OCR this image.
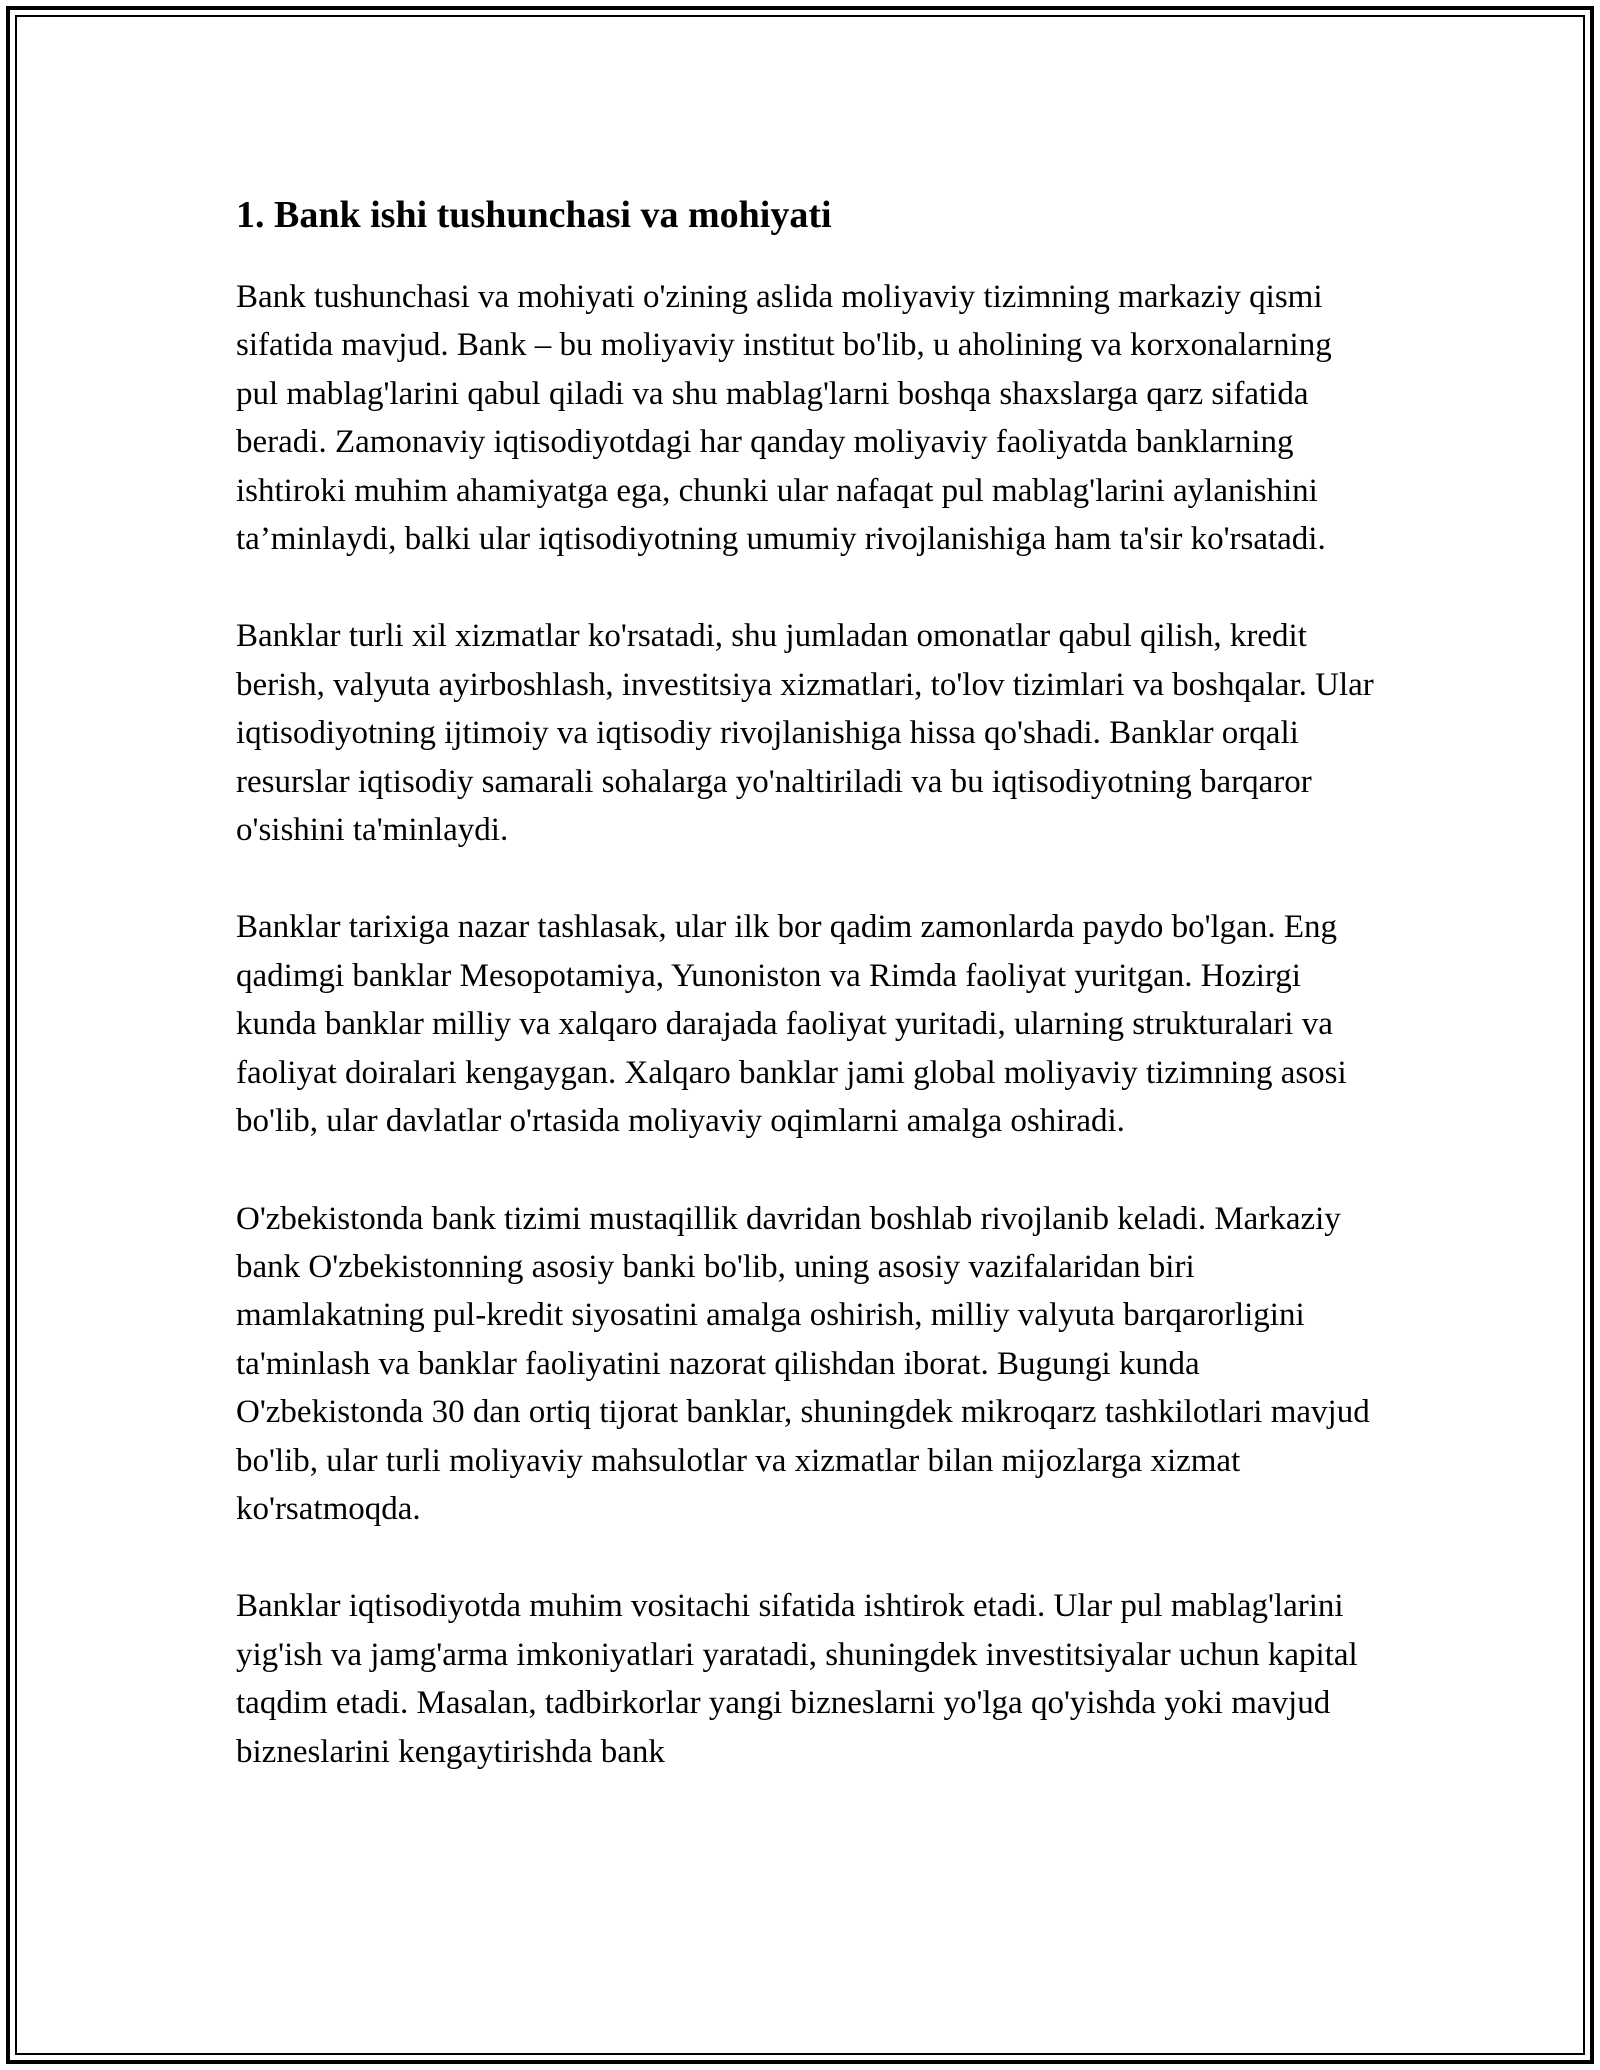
1. Bank ishi tushunchasi va mohiyati

Bank tushunchasi va mohiyati o'zining aslida moliyaviy tizimning markaziy qismi sifatida mavjud. Bank – bu moliyaviy institut bo'lib, u aholining va korxonalarning pul mablag'larini qabul qiladi va shu mablag'larni boshqa shaxslarga qarz sifatida beradi. Zamonaviy iqtisodiyotdagi har qanday moliyaviy faoliyatda banklarning ishtiroki muhim ahamiyatga ega, chunki ular nafaqat pul mablag'larini aylanishini ta’minlaydi, balki ular iqtisodiyotning umumiy rivojlanishiga ham ta'sir ko'rsatadi.

Banklar turli xil xizmatlar ko'rsatadi, shu jumladan omonatlar qabul qilish, kredit berish, valyuta ayirboshlash, investitsiya xizmatlari, to'lov tizimlari va boshqalar. Ular iqtisodiyotning ijtimoiy va iqtisodiy rivojlanishiga hissa qo'shadi. Banklar orqali resurslar iqtisodiy samarali sohalarga yo'naltiriladi va bu iqtisodiyotning barqaror o'sishini ta'minlaydi.

Banklar tarixiga nazar tashlasak, ular ilk bor qadim zamonlarda paydo bo'lgan. Eng qadimgi banklar Mesopotamiya, Yunoniston va Rimda faoliyat yuritgan. Hozirgi kunda banklar milliy va xalqaro darajada faoliyat yuritadi, ularning strukturalari va faoliyat doiralari kengaygan. Xalqaro banklar jami global moliyaviy tizimning asosi bo'lib, ular davlatlar o'rtasida moliyaviy oqimlarni amalga oshiradi.

O'zbekistonda bank tizimi mustaqillik davridan boshlab rivojlanib keladi. Markaziy bank O'zbekistonning asosiy banki bo'lib, uning asosiy vazifalaridan biri mamlakatning pul-kredit siyosatini amalga oshirish, milliy valyuta barqarorligini ta'minlash va banklar faoliyatini nazorat qilishdan iborat. Bugungi kunda O'zbekistonda 30 dan ortiq tijorat banklar, shuningdek mikroqarz tashkilotlari mavjud bo'lib, ular turli moliyaviy mahsulotlar va xizmatlar bilan mijozlarga xizmat ko'rsatmoqda.

Banklar iqtisodiyotda muhim vositachi sifatida ishtirok etadi. Ular pul mablag'larini yig'ish va jamg'arma imkoniyatlari yaratadi, shuningdek investitsiyalar uchun kapital taqdim etadi. Masalan, tadbirkorlar yangi bizneslarni yo'lga qo'yishda yoki mavjud bizneslarini kengaytirishda bank
